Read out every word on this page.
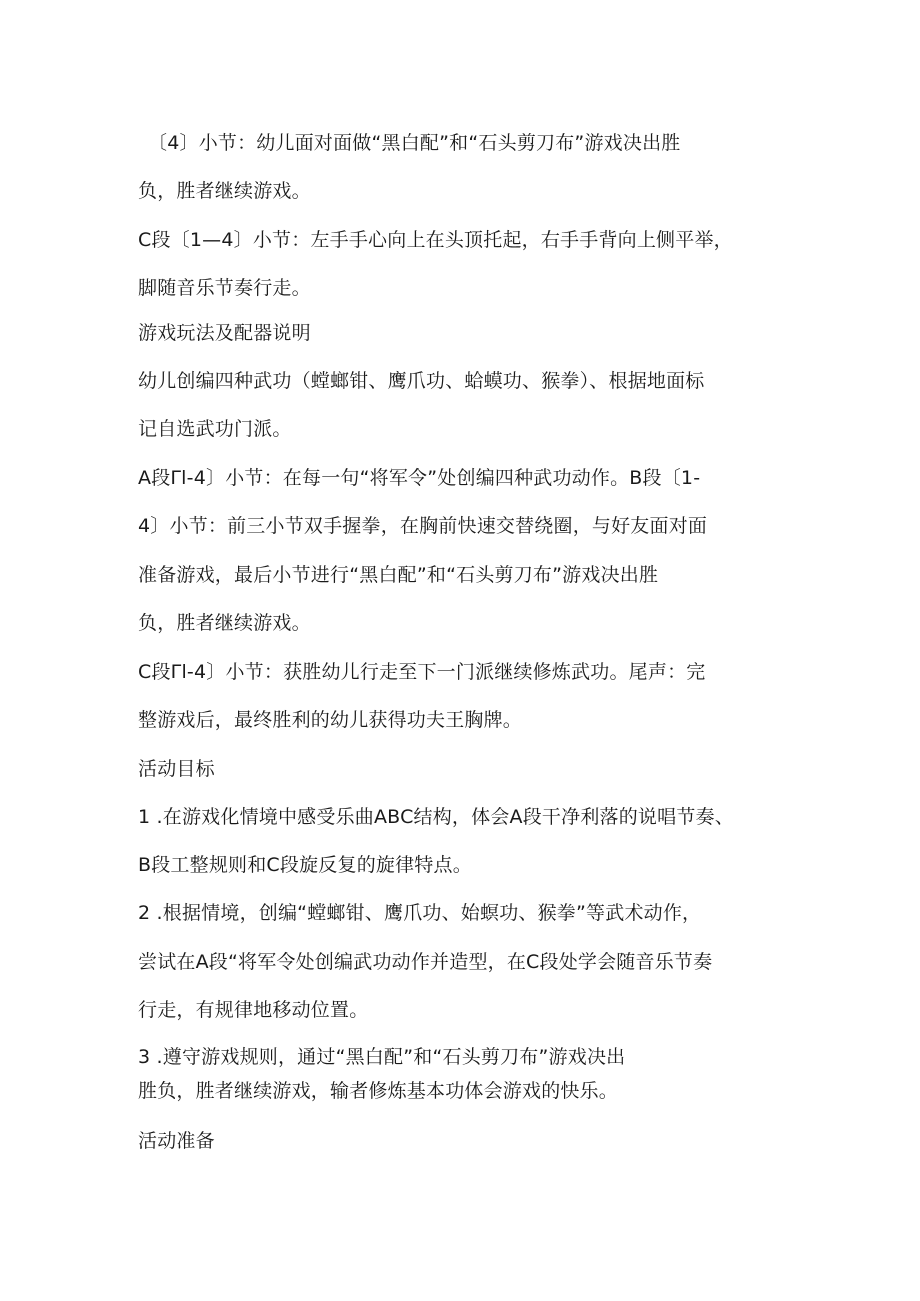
〔4〕小节：幼儿面对面做“黑白配”和“石头剪刀布”游戏决出胜
负，胜者继续游戏。
C段〔1—4〕小节：左手手心向上在头顶托起，右手手背向上侧平举，
脚随音乐节奏行走。
游戏玩法及配器说明
幼儿创编四种武功（螳螂钳、鹰爪功、蛤蟆功、猴拳）、根据地面标
记自选武功门派。
A段Γl-4〕小节：在每一句“将军令”处创编四种武功动作。B段〔1-
4〕小节：前三小节双手握拳，在胸前快速交替绕圈，与好友面对面
准备游戏，最后小节进行“黑白配”和“石头剪刀布”游戏决出胜
负，胜者继续游戏。
C段Γl-4〕小节：获胜幼儿行走至下一门派继续修炼武功。尾声：完
整游戏后，最终胜利的幼儿获得功夫王胸牌。
活动目标
1 .在游戏化情境中感受乐曲ABC结构，体会A段干净利落的说唱节奏、
B段工整规则和C段旋反复的旋律特点。
2 .根据情境，创编“螳螂钳、鹰爪功、始螟功、猴拳”等武术动作，
尝试在A段“将军令处创编武功动作并造型，在C段处学会随音乐节奏
行走，有规律地移动位置。
3 .遵守游戏规则，通过“黑白配”和“石头剪刀布”游戏决出
胜负，胜者继续游戏，输者修炼基本功体会游戏的快乐。
活动准备
